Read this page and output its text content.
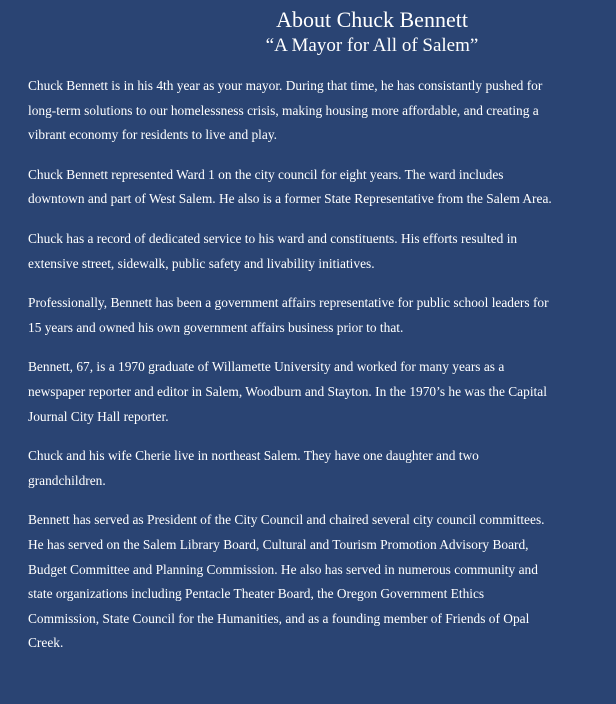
About Chuck Bennett
“A Mayor for All of Salem”

Chuck Bennett is in his 4th year as your mayor. During that time, he has consistantly pushed for long-term solutions to our homelessness crisis, making housing more affordable, and creating a vibrant economy for residents to live and play.

Chuck Bennett represented Ward 1 on the city council for eight years. The ward includes downtown and part of West Salem. He also is a former State Representative from the Salem Area.

Chuck has a record of dedicated service to his ward and constituents. His efforts resulted in extensive street, sidewalk, public safety and livability initiatives.

Professionally, Bennett has been a government affairs representative for public school leaders for 15 years and owned his own government affairs business prior to that.

Bennett, 67, is a 1970 graduate of Willamette University and worked for many years as a newspaper reporter and editor in Salem, Woodburn and Stayton. In the 1970’s he was the Capital Journal City Hall reporter.

Chuck and his wife Cherie live in northeast Salem. They have one daughter and two grandchildren.

Bennett has served as President of the City Council and chaired several city council committees. He has served on the Salem Library Board, Cultural and Tourism Promotion Advisory Board, Budget Committee and Planning Commission. He also has served in numerous community and state organizations including Pentacle Theater Board, the Oregon Government Ethics Commission, State Council for the Humanities, and as a founding member of Friends of Opal Creek.
